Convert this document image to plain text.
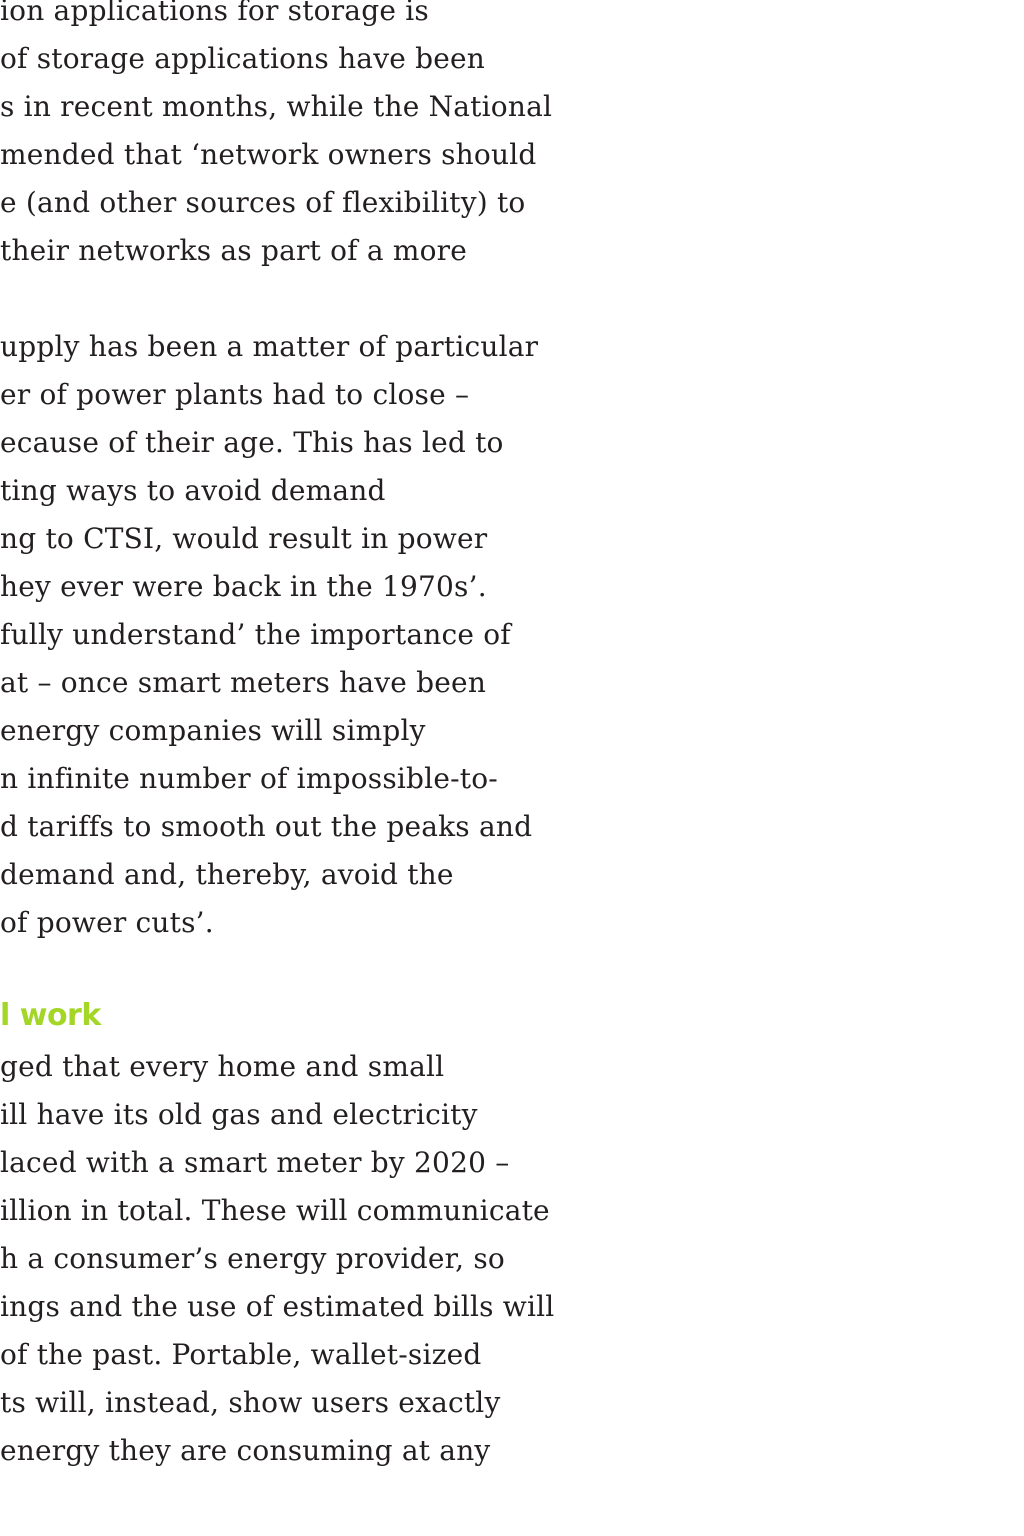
ion applications for storage is
of storage applications have been
s in recent months, while the National
mended that ‘network owners should
e (and other sources of flexibility) to
their networks as part of a more
upply has been a matter of particular
er of power plants had to close –
ecause of their age. This has led to
ting ways to avoid demand
ng to CTSI, would result in power
hey ever were back in the 1970s’.
fully understand’ the importance of
at – once smart meters have been
energy companies will simply
n infinite number of impossible-to-
d tariffs to smooth out the peaks and
demand and, thereby, avoid the
of power cuts’.
l work
ged that every home and small
ill have its old gas and electricity
laced with a smart meter by 2020 –
illion in total. These will communicate
h a consumer’s energy provider, so
ings and the use of estimated bills will
of the past. Portable, wallet-sized
ts will, instead, show users exactly
energy they are consuming at any
